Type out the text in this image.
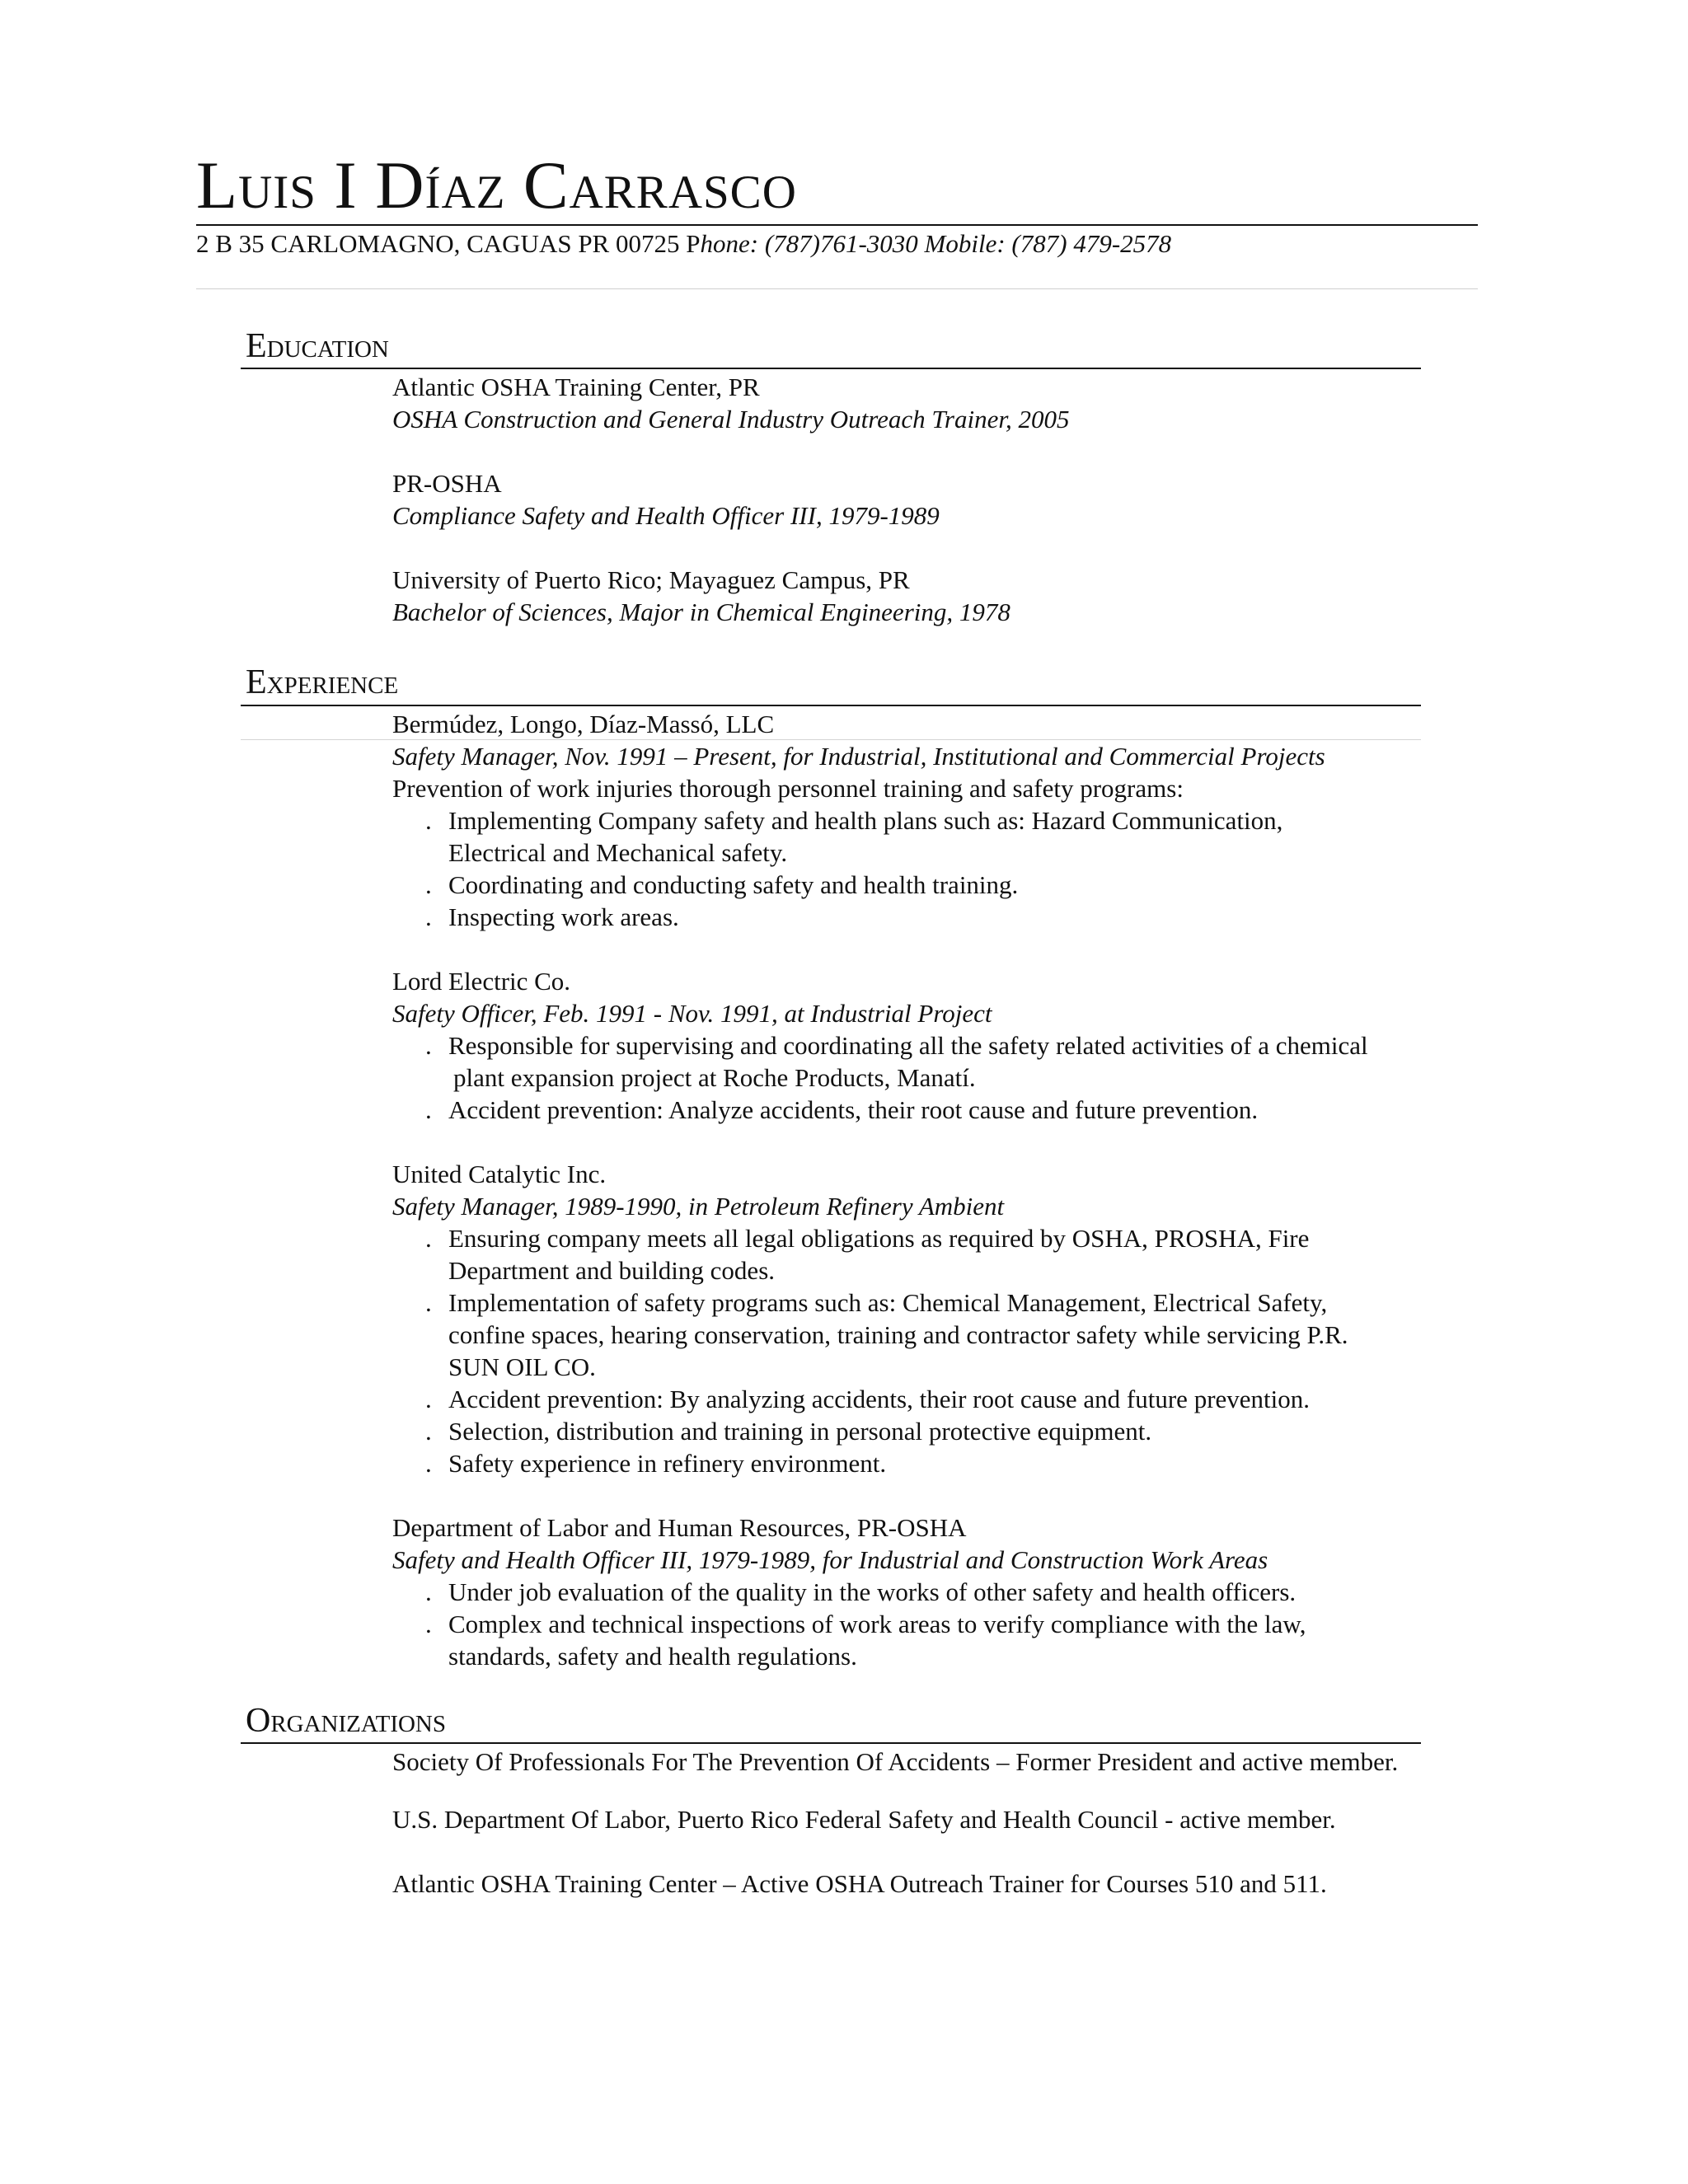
Luis I Díaz Carrasco
2 B 35 CARLOMAGNO, CAGUAS PR 00725 Phone: (787)761-3030 Mobile: (787) 479-2578
Education
Atlantic OSHA Training Center, PR
OSHA Construction and General Industry Outreach Trainer, 2005
PR-OSHA
Compliance Safety and Health Officer III, 1979-1989
University of Puerto Rico; Mayaguez Campus, PR
Bachelor of Sciences, Major in Chemical Engineering, 1978
Experience
Bermúdez, Longo, Díaz-Massó, LLC
Safety Manager, Nov. 1991 – Present, for Industrial, Institutional and Commercial Projects
Prevention of work injuries thorough personnel training and safety programs:
. Implementing Company safety and health plans such as: Hazard Communication,
Electrical and Mechanical safety.
. Coordinating and conducting safety and health training.
. Inspecting work areas.
Lord Electric Co.
Safety Officer, Feb. 1991 - Nov. 1991, at Industrial Project
. Responsible for supervising and coordinating all the safety related activities of a chemical
plant expansion project at Roche Products, Manatí.
. Accident prevention: Analyze accidents, their root cause and future prevention.
United Catalytic Inc.
Safety Manager, 1989-1990, in Petroleum Refinery Ambient
. Ensuring company meets all legal obligations as required by OSHA, PROSHA, Fire
Department and building codes.
. Implementation of safety programs such as: Chemical Management, Electrical Safety,
confine spaces, hearing conservation, training and contractor safety while servicing P.R.
SUN OIL CO.
. Accident prevention: By analyzing accidents, their root cause and future prevention.
. Selection, distribution and training in personal protective equipment.
. Safety experience in refinery environment.
Department of Labor and Human Resources, PR-OSHA
Safety and Health Officer III, 1979-1989, for Industrial and Construction Work Areas
. Under job evaluation of the quality in the works of other safety and health officers.
. Complex and technical inspections of work areas to verify compliance with the law,
standards, safety and health regulations.
Organizations
Society Of Professionals For The Prevention Of Accidents – Former President and active member.
U.S. Department Of Labor, Puerto Rico Federal Safety and Health Council - active member.
Atlantic OSHA Training Center – Active OSHA Outreach Trainer for Courses 510 and 511.
